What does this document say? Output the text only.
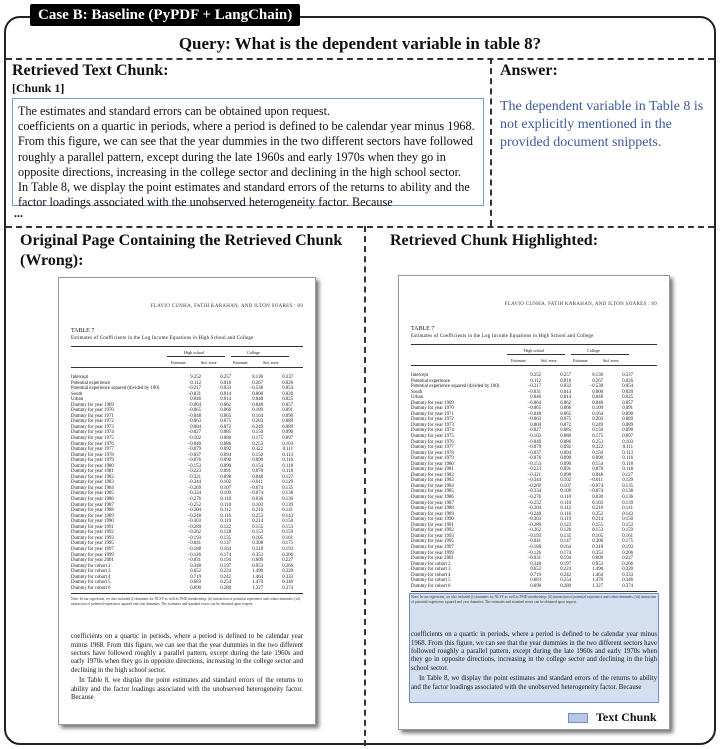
Case B: Baseline (PyPDF + LangChain)
Query: What is the dependent variable in table 8?
Retrieved Text Chunk:
[Chunk 1]

The estimates and standard errors can be obtained upon request.

coefficients on a quartic in periods, where a period is defined to be calendar year minus 1968.

From this figure, we can see that the year dummies in the two different sectors have followed

roughly a parallel pattern, except during the late 1960s and early 1970s when they go in

opposite directions, increasing in the college sector and declining in the high school sector.

In Table 8, we display the point estimates and standard errors of the returns to ability and the

factor loadings associated with the unobserved heterogeneity factor. Because

...
Answer:
The dependent variable in Table 8 is not explicitly mentioned in the provided document snippets.
Original Page Containing the Retrieved Chunk (Wrong):
Retrieved Chunk Highlighted:
FLAVIO CUNHA, FATIH KARAHAN, AND ILTON SOARES : 89
TABLE 7
Estimates of Coefficients in the Log Income Equations in High School and College
High school	College
Estimate	Std. error	Estimate	Std. error
Intercept	9.252	0.257	8.136	0.337
Potential experience	0.112	0.018	0.267	0.026
Potential experience squared (divided by 100)	−0.217	0.033	−0.538	0.054
South	−0.031	0.014	0.000	0.020
Urban	0.046	0.014	0.048	0.025
Dummy for year 1969	−0.064	0.062	0.048	0.057
Dummy for year 1970	−0.065	0.066	0.109	0.091
Dummy for year 1971	−0.048	0.065	0.164	0.090
Dummy for year 1972	−0.063	0.075	0.203	0.089
Dummy for year 1973	0.004	0.072	0.249	0.089
Dummy for year 1974	−0.027	0.085	0.150	0.090
Dummy for year 1975	−0.102	0.080	0.175	0.097
Dummy for year 1976	−0.040	0.086	0.253	0.103
Dummy for year 1977	−0.079	0.092	0.322	0.111
Dummy for year 1978	−0.037	0.094	0.150	0.113
Dummy for year 1979	−0.076	0.090	0.090	0.116
Dummy for year 1980	−0.153	0.090	0.154	0.118
Dummy for year 1981	−0.223	0.091	0.078	0.118
Dummy for year 1982	−0.321	0.098	0.048	0.127
Dummy for year 1983	−0.344	0.102	−0.011	0.129
Dummy for year 1984	−0.269	0.107	−0.074	0.135
Dummy for year 1985	−0.334	0.109	−0.074	0.138
Dummy for year 1986	−0.276	0.110	0.030	0.136
Dummy for year 1987	−0.252	0.110	0.103	0.139
Dummy for year 1988	−0.204	0.112	0.210	0.141
Dummy for year 1989	−0.248	0.116	0.252	0.143
Dummy for year 1990	−0.303	0.119	0.214	0.150
Dummy for year 1991	−0.289	0.122	0.155	0.153
Dummy for year 1992	−0.262	0.128	0.153	0.159
Dummy for year 1993	−0.193	0.135	0.105	0.161
Dummy for year 1995	−0.041	0.147	0.308	0.175
Dummy for year 1997	−0.188	0.164	0.318	0.193
Dummy for year 1999	−0.126	0.174	0.353	0.206
Dummy for year 2001	−0.031	0.194	0.609	0.227
Dummy for cohort 2	0.348	0.197	0.953	0.266
Dummy for cohort 3	0.652	0.224	1.490	0.320
Dummy for cohort 4	0.719	0.242	1.464	0.333
Dummy for cohort 5	0.683	0.254	1.470	0.346
Dummy for cohort 6	0.690	0.280	1.327	0.374
Note: In our regression, we also included (i) dummies for NLSY as well as PSID membership; (ii) interaction of potential experience and cohort dummies; (iii) interaction of potential experience squared and year dummies. The estimates and standard errors can be obtained upon request.
coefficients on a quartic in periods, where a period is defined to be calendar year minus 1968. From this figure, we can see that the year dummies in the two different sectors have followed roughly a parallel pattern, except during the late 1960s and early 1970s when they go in opposite directions, increasing in the college sector and declining in the high school sector.
In Table 8, we display the point estimates and standard errors of the returns to ability and the factor loadings associated with the unobserved heterogeneity factor. Because
FLAVIO CUNHA, FATIH KARAHAN, AND ILTON SOARES : 89
TABLE 7
Estimates of Coefficients in the Log Income Equations in High School and College
High school	College
Estimate	Std. error	Estimate	Std. error
Intercept	9.252	0.257	8.136	0.337
Potential experience	0.112	0.018	0.267	0.026
Potential experience squared (divided by 100)	−0.217	0.033	−0.538	0.054
South	−0.031	0.014	0.000	0.020
Urban	0.046	0.014	0.048	0.025
Dummy for year 1969	−0.064	0.062	0.048	0.057
Dummy for year 1970	−0.065	0.066	0.109	0.091
Dummy for year 1971	−0.048	0.065	0.164	0.090
Dummy for year 1972	−0.063	0.075	0.203	0.089
Dummy for year 1973	0.004	0.072	0.249	0.089
Dummy for year 1974	−0.027	0.085	0.150	0.090
Dummy for year 1975	−0.102	0.080	0.175	0.097
Dummy for year 1976	−0.040	0.086	0.253	0.103
Dummy for year 1977	−0.079	0.092	0.322	0.111
Dummy for year 1978	−0.037	0.094	0.150	0.113
Dummy for year 1979	−0.076	0.090	0.090	0.116
Dummy for year 1980	−0.153	0.090	0.154	0.118
Dummy for year 1981	−0.223	0.091	0.078	0.118
Dummy for year 1982	−0.321	0.098	0.048	0.127
Dummy for year 1983	−0.344	0.102	−0.011	0.129
Dummy for year 1984	−0.269	0.107	−0.074	0.135
Dummy for year 1985	−0.334	0.109	−0.074	0.138
Dummy for year 1986	−0.276	0.110	0.030	0.136
Dummy for year 1987	−0.252	0.110	0.103	0.139
Dummy for year 1988	−0.204	0.112	0.210	0.141
Dummy for year 1989	−0.248	0.116	0.252	0.143
Dummy for year 1990	−0.303	0.119	0.214	0.150
Dummy for year 1991	−0.289	0.122	0.155	0.153
Dummy for year 1992	−0.262	0.128	0.153	0.159
Dummy for year 1993	−0.193	0.135	0.105	0.161
Dummy for year 1995	−0.041	0.147	0.308	0.175
Dummy for year 1997	−0.188	0.164	0.318	0.193
Dummy for year 1999	−0.126	0.174	0.353	0.206
Dummy for year 2001	−0.031	0.194	0.609	0.227
Dummy for cohort 2	0.348	0.197	0.953	0.266
Dummy for cohort 3	0.652	0.224	1.490	0.320
Dummy for cohort 4	0.719	0.242	1.464	0.333
Dummy for cohort 5	0.683	0.254	1.470	0.346
Dummy for cohort 6	0.690	0.280	1.327	0.374
Note: In our regression, we also included (i) dummies for NLSY as well as PSID membership; (ii) interaction of potential experience and cohort dummies; (iii) interaction of potential experience squared and year dummies. The estimates and standard errors can be obtained upon request.
coefficients on a quartic in periods, where a period is defined to be calendar year minus 1968. From this figure, we can see that the year dummies in the two different sectors have followed roughly a parallel pattern, except during the late 1960s and early 1970s when they go in opposite directions, increasing in the college sector and declining in the high school sector.
In Table 8, we display the point estimates and standard errors of the returns to ability and the factor loadings associated with the unobserved heterogeneity factor. Because
Text Chunk
